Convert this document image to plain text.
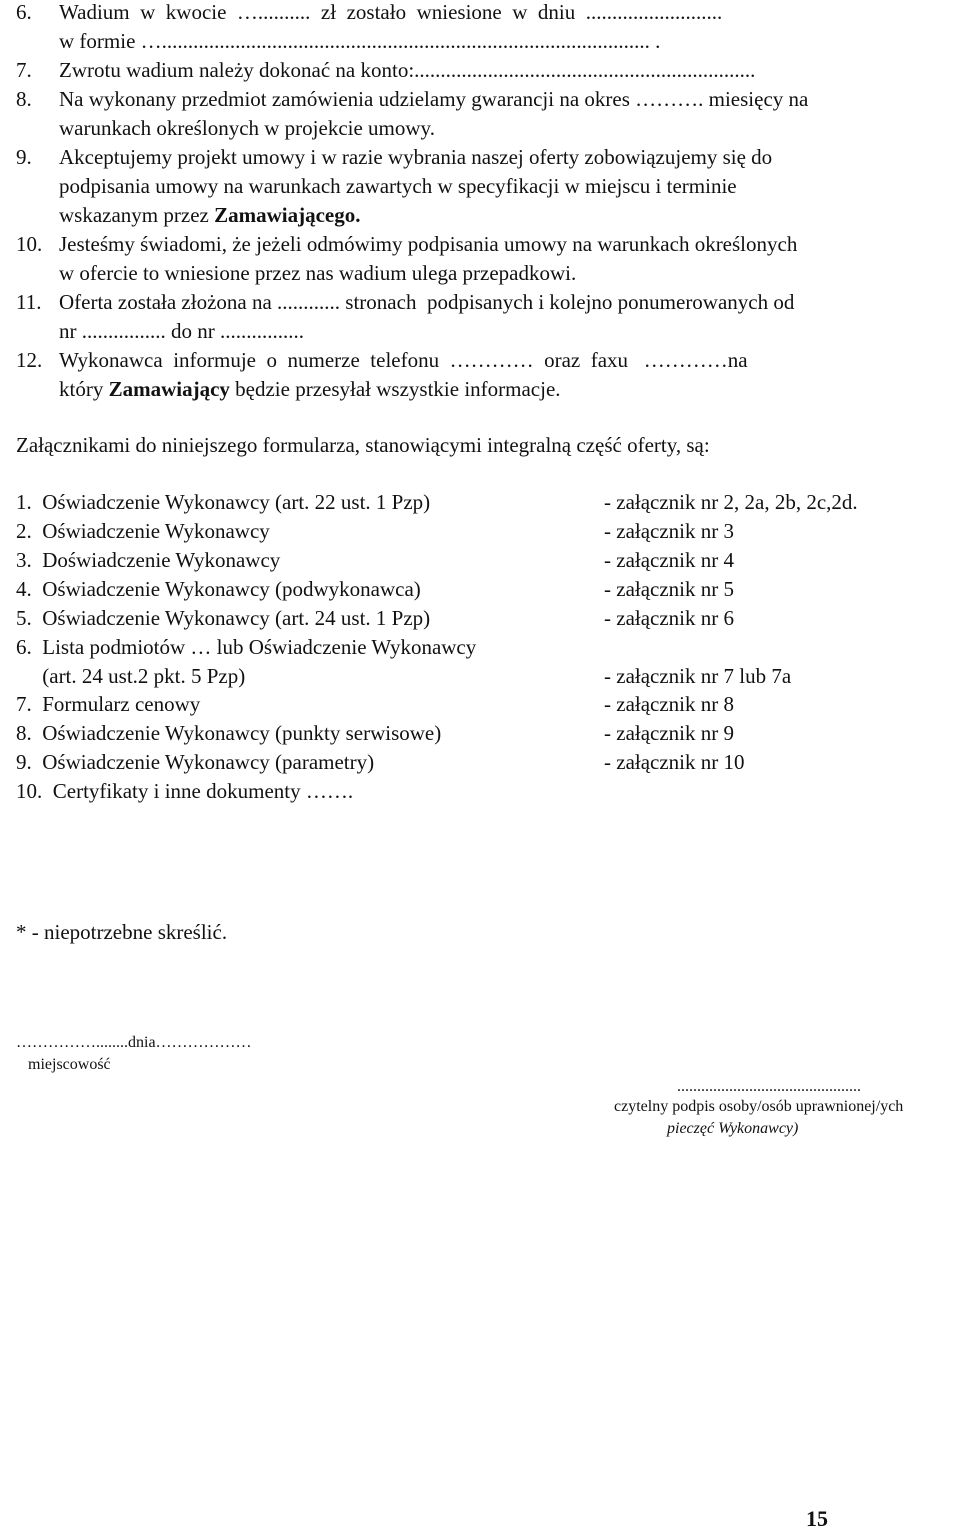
6. Wadium  w  kwocie  …..........  zł  zostało  wniesione  w  dniu  ..........................
w formie …............................................................................................. .
7. Zwrotu wadium należy dokonać na konto:.................................................................
8. Na wykonany przedmiot zamówienia udzielamy gwarancji na okres ………. miesięcy na
warunkach określonych w projekcie umowy.
9. Akceptujemy projekt umowy i w razie wybrania naszej oferty zobowiązujemy się do
podpisania umowy na warunkach zawartych w specyfikacji w miejscu i terminie
wskazanym przez Zamawiającego.
10. Jesteśmy świadomi, że jeżeli odmówimy podpisania umowy na warunkach określonych
w ofercie to wniesione przez nas wadium ulega przepadkowi.
11. Oferta została złożona na ............ stronach  podpisanych i kolejno ponumerowanych od
nr ................ do nr ................
12. Wykonawca  informuje  o  numerze  telefonu  …………  oraz  faxu   …………na
który Zamawiający będzie przesyłał wszystkie informacje.
Załącznikami do niniejszego formularza, stanowiącymi integralną część oferty, są:
1.  Oświadczenie Wykonawcy (art. 22 ust. 1 Pzp)	- załącznik nr 2, 2a, 2b, 2c,2d.
2.  Oświadczenie Wykonawcy	- załącznik nr 3
3.  Doświadczenie Wykonawcy	- załącznik nr 4
4.  Oświadczenie Wykonawcy (podwykonawca)	- załącznik nr 5
5.  Oświadczenie Wykonawcy (art. 24 ust. 1 Pzp)	- załącznik nr 6
6.  Lista podmiotów … lub Oświadczenie Wykonawcy
(art. 24 ust.2 pkt. 5 Pzp)	- załącznik nr 7 lub 7a
7.  Formularz cenowy	- załącznik nr 8
8.  Oświadczenie Wykonawcy (punkty serwisowe)	- załącznik nr 9
9.  Oświadczenie Wykonawcy (parametry)	- załącznik nr 10
10.  Certyfikaty i inne dokumenty …….
* - niepotrzebne skreślić.
……………........dnia………………
miejscowość
..............................................
czytelny podpis osoby/osób uprawnionej/ych
pieczęć Wykonawcy)
15
